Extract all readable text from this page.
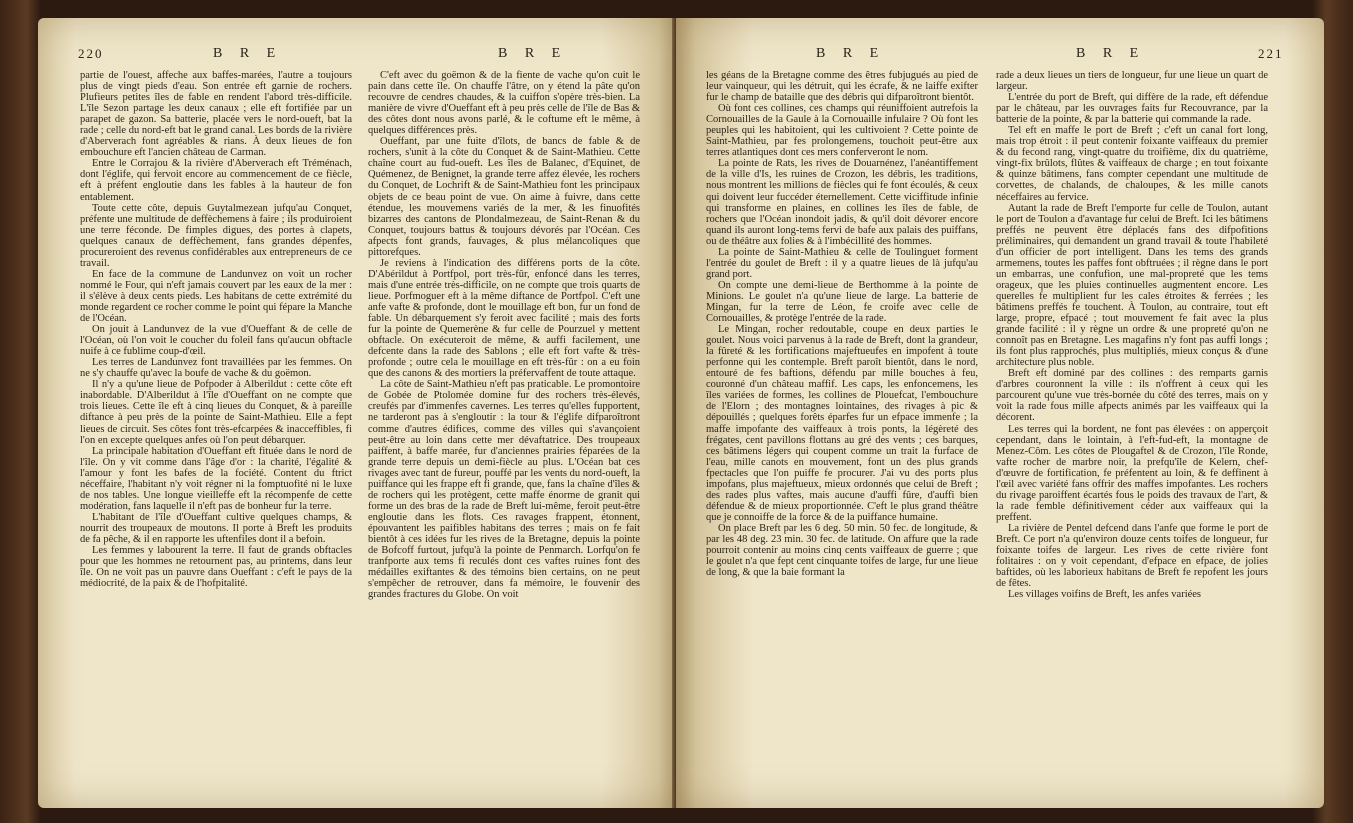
220	B R E	B R E

partie de l'ouest, affeche aux baffes-marées, l'autre a toujours plus de vingt pieds d'eau. Son entrée eft garnie de rochers. Plufieurs petites îles de fable en rendent l'abord très-difficile. L'île Sezon partage les deux canaux ; elle eft fortifiée par un parapet de gazon. Sa batterie, placée vers le nord-oueft, bat la rade ; celle du nord-eft bat le grand canal. Les bords de la rivière d'Aberverach font agréables & rians. À deux lieues de fon embouchure eft l'ancien château de Carman.

Entre le Corrajou & la rivière d'Aberverach eft Tréménach, dont l'églife, qui fervoit encore au commencement de ce fiècle, eft à préfent engloutie dans les fables à la hauteur de fon entablement.

Toute cette côte, depuis Guytalmezean jufqu'au Conquet, préfente une multitude de deffèchemens à faire ; ils produiroient une terre féconde. De fimples digues, des portes à clapets, quelques canaux de deffèchement, fans grandes dépenfes, procureroient des revenus confidérables aux entrepreneurs de ce travail.

En face de la commune de Landunvez on voit un rocher nommé le Four, qui n'eft jamais couvert par les eaux de la mer : il s'élève à deux cents pieds. Les habitans de cette extrémité du monde regardent ce rocher comme le point qui fépare la Manche de l'Océan.

On jouit à Landunvez de la vue d'Oueffant & de celle de l'Océan, où l'on voit le coucher du foleil fans qu'aucun obftacle nuife à ce fublime coup-d'œil.

Les terres de Landunvez font travaillées par les femmes. On ne s'y chauffe qu'avec la boufe de vache & du goëmon.

Il n'y a qu'une lieue de Pofpoder à Alberildut : cette côte eft inabordable. D'Alberildut à l'île d'Oueffant on ne compte que trois lieues. Cette île eft à cinq lieues du Conquet, & à pareille diftance à peu près de la pointe de Saint-Mathieu. Elle a fept lieues de circuit. Ses côtes font très-efcarpées & inacceffibles, fi l'on en excepte quelques anfes où l'on peut débarquer.

La principale habitation d'Oueffant eft fituée dans le nord de l'île. On y vit comme dans l'âge d'or : la charité, l'égalité & l'amour y font les bafes de la fociété. Content du ftrict néceffaire, l'habitant n'y voit régner ni la fomptuofité ni le luxe de nos tables. Une longue vieilleffe eft la récompenfe de cette modération, fans laquelle il n'eft pas de bonheur fur la terre.

L'habitant de l'île d'Oueffant cultive quelques champs, & nourrit des troupeaux de moutons. Il porte à Breft les produits de fa pêche, & il en rapporte les uftenfiles dont il a befoin.

Les femmes y labourent la terre. Il faut de grands obftacles pour que les hommes ne retournent pas, au printems, dans leur île. On ne voit pas un pauvre dans Oueffant : c'eft le pays de la médiocrité, de la paix & de l'hofpitalité.

C'eft avec du goëmon & de la fiente de vache qu'on cuit le pain dans cette île. On chauffe l'âtre, on y étend la pâte qu'on recouvre de cendres chaudes, & la cuiffon s'opère très-bien. La manière de vivre d'Oueffant eft à peu près celle de l'île de Bas & des côtes dont nous avons parlé, & le coftume eft le même, à quelques différences près.

Oueffant, par une fuite d'îlots, de bancs de fable & de rochers, s'unit à la côte du Conquet & de Saint-Mathieu. Cette chaîne court au fud-oueft. Les îles de Balanec, d'Equinet, de Quémenez, de Benignet, la grande terre affez élevée, les rochers du Conquet, de Lochrift & de Saint-Mathieu font les principaux objets de ce beau point de vue. On aime à fuivre, dans cette étendue, les mouvemens variés de la mer, & les finuofités bizarres des cantons de Plondalmezeau, de Saint-Renan & du Conquet, toujours battus & toujours dévorés par l'Océan. Ces afpects font grands, fauvages, & plus mélancoliques que pittorefques.

Je reviens à l'indication des différens ports de la côte. D'Abérildut à Portfpol, port très-fûr, enfoncé dans les terres, mais d'une entrée très-difficile, on ne compte que trois quarts de lieue. Porfmoguer eft à la même diftance de Portfpol. C'eft une anfe vafte & profonde, dont le mouillage eft bon, fur un fond de fable. Un débarquement s'y feroit avec facilité ; mais des forts fur la pointe de Quemerène & fur celle de Pourzuel y mettent obftacle. On exécuteroit de même, & auffi facilement, une defcente dans la rade des Sablons ; elle eft fort vafte & très-profonde ; outre cela le mouillage en eft très-fûr : on a eu foin que des canons & des mortiers la préfervaffent de toute attaque.

La côte de Saint-Mathieu n'eft pas praticable. Le promontoire de Gobée de Ptolomée domine fur des rochers très-élevés, creufés par d'immenfes cavernes. Les terres qu'elles fupportent, ne tarderont pas à s'engloutir : la tour & l'églife difparoîtront comme d'autres édifices, comme des villes qui s'avançoient peut-être au loin dans cette mer dévaftatrice. Des troupeaux paiffent, à baffe marée, fur d'anciennes prairies féparées de la grande terre depuis un demi-fiècle au plus. L'Océan bat ces rivages avec tant de fureur, pouffé par les vents du nord-oueft, la puiffance qui les frappe eft fi grande, que, fans la chaîne d'îles & de rochers qui les protègent, cette maffe énorme de granit qui forme un des bras de la rade de Breft lui-même, feroit peut-être engloutie dans les flots. Ces ravages frappent, étonnent, épouvantent les paifibles habitans des terres ; mais on fe fait bientôt à ces idées fur les rives de la Bretagne, depuis la pointe de Bofcoff furtout, jufqu'à la pointe de Penmarch. Lorfqu'on fe tranfporte aux tems fi reculés dont ces vaftes ruines font des médailles exiftantes & des témoins bien certains, on ne peut s'empêcher de retrouver, dans fa mémoire, le fouvenir des grandes fractures du Globe. On voit

B R E	B R E	221

les géans de la Bretagne comme des êtres fubjugués au pied de leur vainqueur, qui les détruit, qui les écrafe, & ne laiffe exifter fur le champ de bataille que des débris qui difparoîtront bientôt.

Où font ces collines, ces champs qui réuniffoient autrefois la Cornouailles de la Gaule à la Cornouaille infulaire ? Où font les peuples qui les habitoient, qui les cultivoient ? Cette pointe de Saint-Mathieu, par fes prolongemens, touchoit peut-être aux terres atlantiques dont ces mers conferveront le nom.

La pointe de Rats, les rives de Douarnénez, l'anéantiffement de la ville d'Is, les ruines de Crozon, les débris, les traditions, nous montrent les millions de fiècles qui fe font écoulés, & ceux qui doivent leur fuccéder éternellement. Cette viciffitude infinie qui transforme en plaines, en collines les îles de fable, de rochers que l'Océan inondoit jadis, & qu'il doit dévorer encore quand ils auront long-tems fervi de bafe aux palais des puiffans, ou de théâtre aux folies & à l'imbécillité des hommes.

La pointe de Saint-Mathieu & celle de Toulinguet forment l'entrée du goulet de Breft : il y a quatre lieues de là jufqu'au grand port.

On compte une demi-lieue de Berthomme à la pointe de Minions. Le goulet n'a qu'une lieue de large. La batterie de Mingan, fur la terre de Léon, fe croife avec celle de Cornouailles, & protège l'entrée de la rade.

Le Mingan, rocher redoutable, coupe en deux parties le goulet. Nous voici parvenus à la rade de Breft, dont la grandeur, la fûreté & les fortifications majeftueufes en impofent à toute perfonne qui les contemple. Breft paroît bientôt, dans le nord, entouré de fes baftions, défendu par mille bouches à feu, couronné d'un château maffif. Les caps, les enfoncemens, les îles variées de formes, les collines de Plouefcat, l'embouchure de l'Elorn ; des montagnes lointaines, des rivages à pic & dépouillés ; quelques forêts éparfes fur un efpace immenfe ; la maffe impofante des vaiffeaux à trois ponts, la légèreté des frégates, cent pavillons flottans au gré des vents ; ces barques, ces bâtimens légers qui coupent comme un trait la furface de l'eau, mille canots en mouvement, font un des plus grands fpectacles que l'on puiffe fe procurer. J'ai vu des ports plus impofans, plus majeftueux, mieux ordonnés que celui de Breft ; des rades plus vaftes, mais aucune d'auffi fûre, d'auffi bien défendue & de mieux proportionnée. C'eft le plus grand théâtre que je connoiffe de la force & de la puiffance humaine.

On place Breft par les 6 deg. 50 min. 50 fec. de longitude, & par les 48 deg. 23 min. 30 fec. de latitude. On affure que la rade pourroit contenir au moins cinq cents vaiffeaux de guerre ; que le goulet n'a que fept cent cinquante toifes de large, fur une lieue de long, & que la baie formant la

rade a deux lieues un tiers de longueur, fur une lieue un quart de largeur.

L'entrée du port de Breft, qui diffère de la rade, eft défendue par le château, par les ouvrages faits fur Recouvrance, par la batterie de la pointe, & par la batterie qui commande la rade.

Tel eft en maffe le port de Breft ; c'eft un canal fort long, mais trop étroit : il peut contenir foixante vaiffeaux du premier & du fecond rang, vingt-quatre du troifième, dix du quatrième, vingt-fix brûlots, flûtes & vaiffeaux de charge ; en tout foixante & quinze bâtimens, fans compter cependant une multitude de corvettes, de chalands, de chaloupes, & les mille canots néceffaires au fervice.

Autant la rade de Breft l'emporte fur celle de Toulon, autant le port de Toulon a d'avantage fur celui de Breft. Ici les bâtimens preffés ne peuvent être déplacés fans des difpofitions préliminaires, qui demandent un grand travail & toute l'habileté d'un officier de port intelligent. Dans les tems des grands armemens, toutes les paffes font obftruées ; il règne dans le port un embarras, une confufion, une mal-propreté que les tems orageux, que les pluies continuelles augmentent encore. Les querelles fe multiplient fur les cales étroites & ferrées ; les bâtimens preffés fe touchent. À Toulon, au contraire, tout eft large, propre, efpacé ; tout mouvement fe fait avec la plus grande facilité : il y règne un ordre & une propreté qu'on ne connoît pas en Bretagne. Les magafins n'y font pas auffi longs ; ils font plus rapprochés, plus multipliés, mieux conçus & d'une architecture plus noble.

Breft eft dominé par des collines : des remparts garnis d'arbres couronnent la ville : ils n'offrent à ceux qui les parcourent qu'une vue très-bornée du côté des terres, mais on y voit la rade fous mille afpects animés par les vaiffeaux qui la décorent.

Les terres qui la bordent, ne font pas élevées : on apperçoit cependant, dans le lointain, à l'eft-fud-eft, la montagne de Menez-Côm. Les côtes de Plougaftel & de Crozon, l'île Ronde, vafte rocher de marbre noir, la prefqu'île de Kelern, chef-d'œuvre de fortification, fe préfentent au loin, & fe deffinent à l'œil avec variété fans offrir des maffes impofantes. Les rochers du rivage paroiffent écartés fous le poids des travaux de l'art, & la rade femble définitivement céder aux vaiffeaux qui la preffent.

La rivière de Pentel defcend dans l'anfe que forme le port de Breft. Ce port n'a qu'environ douze cents toifes de longueur, fur foixante toifes de largeur. Les rives de cette rivière font folitaires : on y voit cependant, d'efpace en efpace, de jolies baftides, où les laborieux habitans de Breft fe repofent les jours de fêtes.

Les villages voifins de Breft, les anfes variées
